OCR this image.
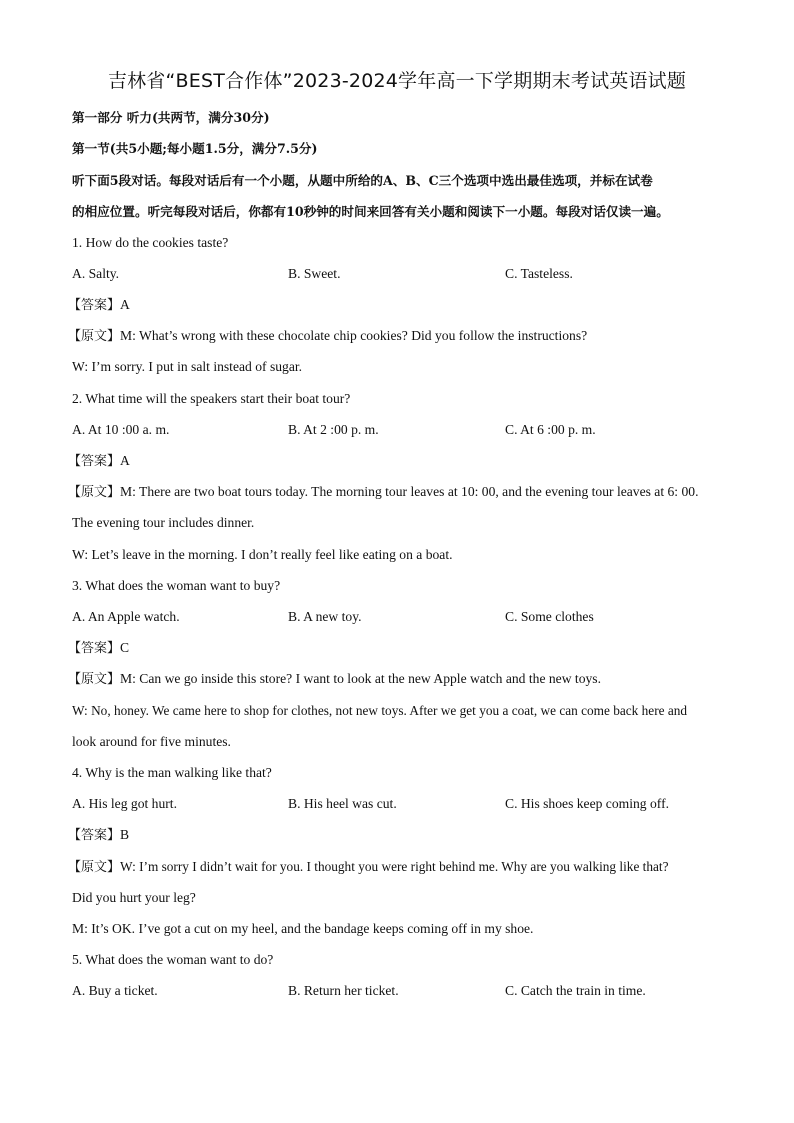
吉林省“BEST合作体”2023-2024学年高一下学期期末考试英语试题
第一部分 听力(共两节，满分30分)
第一节(共5小题;每小题1.5分，满分7.5分)
听下面5段对话。每段对话后有一个小题，从题中所给的A、B、C三个选项中选出最佳选项，并标在试卷
的相应位置。听完每段对话后，你都有10秒钟的时间来回答有关小题和阅读下一小题。每段对话仅读一遍。
1. How do the cookies taste?
A. Salty.	B. Sweet.	C. Tasteless.
【答案】A
【原文】M: What’s wrong with these chocolate chip cookies? Did you follow the instructions?
W: I’m sorry. I put in salt instead of sugar.
2. What time will the speakers start their boat tour?
A. At 10 :00 a. m.	B. At 2 :00 p. m.	C. At 6 :00 p. m.
【答案】A
【原文】M: There are two boat tours today. The morning tour leaves at 10: 00, and the evening tour leaves at 6: 00.
The evening tour includes dinner.
W: Let’s leave in the morning. I don’t really feel like eating on a boat.
3. What does the woman want to buy?
A. An Apple watch.	B. A new toy.	C. Some clothes
【答案】C
【原文】M: Can we go inside this store? I want to look at the new Apple watch and the new toys.
W: No, honey. We came here to shop for clothes, not new toys. After we get you a coat, we can come back here and
look around for five minutes.
4. Why is the man walking like that?
A. His leg got hurt.	B. His heel was cut.	C. His shoes keep coming off.
【答案】B
【原文】W: I’m sorry I didn’t wait for you. I thought you were right behind me. Why are you walking like that?
Did you hurt your leg?
M: It’s OK. I’ve got a cut on my heel, and the bandage keeps coming off in my shoe.
5. What does the woman want to do?
A. Buy a ticket.	B. Return her ticket.	C. Catch the train in time.
